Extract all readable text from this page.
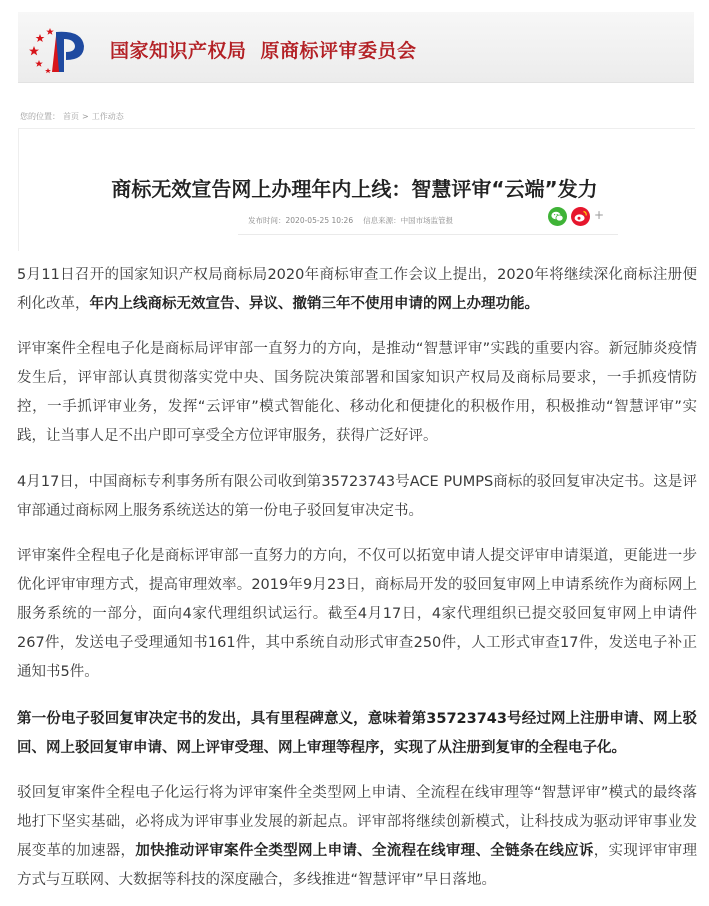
国家知识产权局 原商标评审委员会
您的位置： 首页 > 工作动态
商标无效宣告网上办理年内上线：智慧评审“云端”发力
发布时间：2020-05-25 10:26 信息来源：中国市场监管报	+

5月11日召开的国家知识产权局商标局2020年商标审查工作会议上提出，2020年将继续深化商标注册便利化改革，年内上线商标无效宣告、异议、撤销三年不使用申请的网上办理功能。

评审案件全程电子化是商标局评审部一直努力的方向，是推动“智慧评审”实践的重要内容。新冠肺炎疫情发生后，评审部认真贯彻落实党中央、国务院决策部署和国家知识产权局及商标局要求，一手抓疫情防控，一手抓评审业务，发挥“云评审”模式智能化、移动化和便捷化的积极作用，积极推动“智慧评审”实践，让当事人足不出户即可享受全方位评审服务，获得广泛好评。

4月17日，中国商标专利事务所有限公司收到第35723743号ACE PUMPS商标的驳回复审决定书。这是评审部通过商标网上服务系统送达的第一份电子驳回复审决定书。

评审案件全程电子化是商标评审部一直努力的方向，不仅可以拓宽申请人提交评审申请渠道，更能进一步优化评审审理方式，提高审理效率。2019年9月23日，商标局开发的驳回复审网上申请系统作为商标网上服务系统的一部分，面向4家代理组织试运行。截至4月17日，4家代理组织已提交驳回复审网上申请件267件，发送电子受理通知书161件，其中系统自动形式审查250件，人工形式审查17件，发送电子补正通知书5件。

第一份电子驳回复审决定书的发出，具有里程碑意义，意味着第35723743号经过网上注册申请、网上驳回、网上驳回复审申请、网上评审受理、网上审理等程序，实现了从注册到复审的全程电子化。

驳回复审案件全程电子化运行将为评审案件全类型网上申请、全流程在线审理等“智慧评审”模式的最终落地打下坚实基础，必将成为评审事业发展的新起点。评审部将继续创新模式，让科技成为驱动评审事业发展变革的加速器，加快推动评审案件全类型网上申请、全流程在线审理、全链条在线应诉，实现评审审理方式与互联网、大数据等科技的深度融合，多线推进“智慧评审”早日落地。
